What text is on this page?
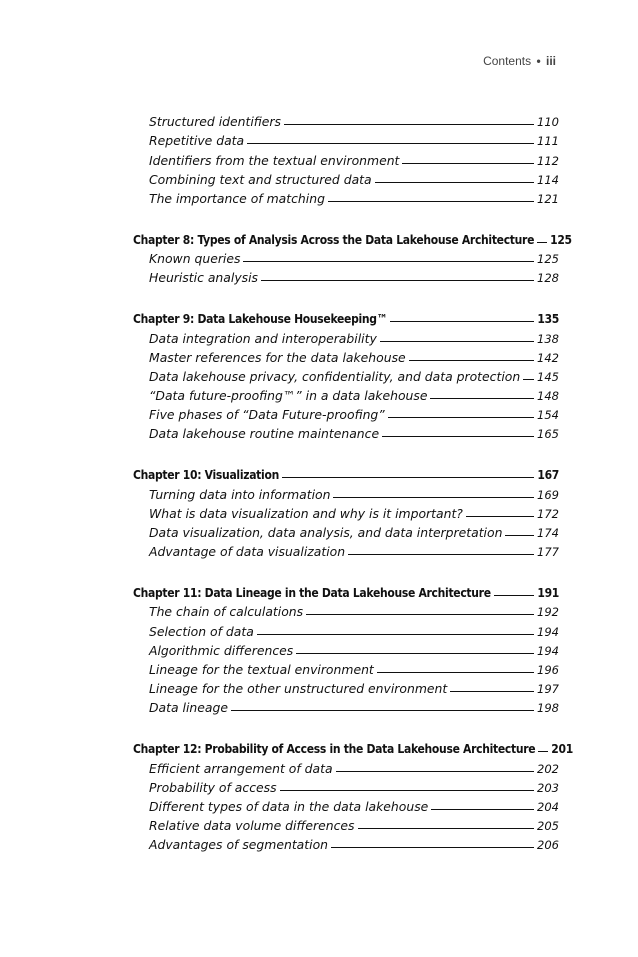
Contents • iii
Structured identifiers	110
Repetitive data	111
Identifiers from the textual environment	112
Combining text and structured data	114
The importance of matching	121
Chapter 8: Types of Analysis Across the Data Lakehouse Architecture 125
Known queries	125
Heuristic analysis	128
Chapter 9: Data Lakehouse Housekeeping™	135
Data integration and interoperability	138
Master references for the data lakehouse	142
Data lakehouse privacy, confidentiality, and data protection 145
“Data future-proofing™” in a data lakehouse	148
Five phases of “Data Future-proofing”	154
Data lakehouse routine maintenance	165
Chapter 10: Visualization	167
Turning data into information	169
What is data visualization and why is it important?	172
Data visualization, data analysis, and data interpretation	174
Advantage of data visualization	177
Chapter 11: Data Lineage in the Data Lakehouse Architecture	191
The chain of calculations	192
Selection of data	194
Algorithmic differences	194
Lineage for the textual environment	196
Lineage for the other unstructured environment	197
Data lineage	198
Chapter 12: Probability of Access in the Data Lakehouse Architecture 201
Efficient arrangement of data	202
Probability of access	203
Different types of data in the data lakehouse	204
Relative data volume differences	205
Advantages of segmentation	206
